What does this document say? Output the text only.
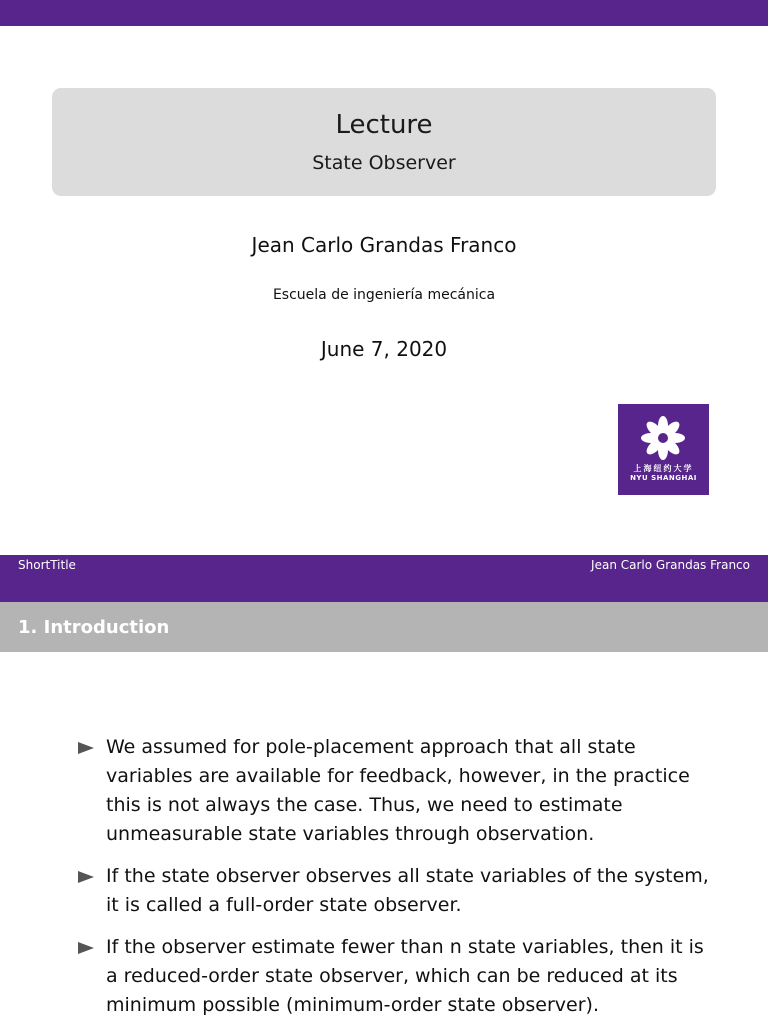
Lecture
State Observer
Jean Carlo Grandas Franco
Escuela de ingeniería mecánica
June 7, 2020
上海纽约大学
NYU SHANGHAI
ShortTitle	Jean Carlo Grandas Franco
1. Introduction
We assumed for pole-placement approach that all state variables are available for feedback, however, in the practice this is not always the case. Thus, we need to estimate unmeasurable state variables through observation.
If the state observer observes all state variables of the system, it is called a full-order state observer.
If the observer estimate fewer than n state variables, then it is a reduced-order state observer, which can be reduced at its minimum possible (minimum-order state observer).
